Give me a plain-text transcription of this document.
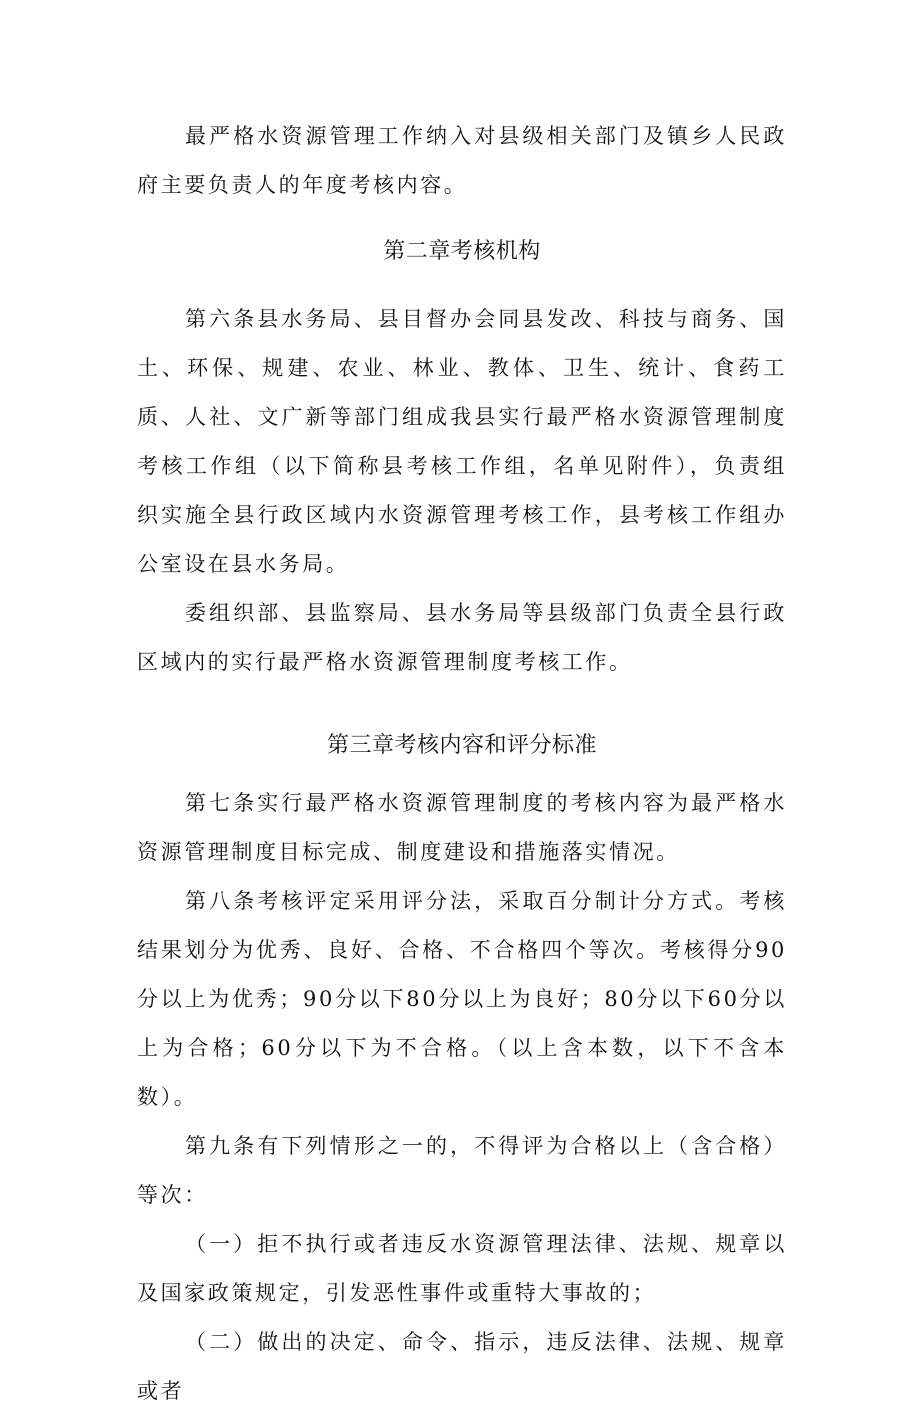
最严格水资源管理工作纳入对县级相关部门及镇乡人民政府主要负责人的年度考核内容。

第二章考核机构

第六条县水务局、县目督办会同县发改、科技与商务、国土、环保、规建、农业、林业、教体、卫生、统计、食药工质、人社、文广新等部门组成我县实行最严格水资源管理制度考核工作组（以下简称县考核工作组，名单见附件），负责组织实施全县行政区域内水资源管理考核工作，县考核工作组办公室设在县水务局。

委组织部、县监察局、县水务局等县级部门负责全县行政区域内的实行最严格水资源管理制度考核工作。

第三章考核内容和评分标准

第七条实行最严格水资源管理制度的考核内容为最严格水资源管理制度目标完成、制度建设和措施落实情况。

第八条考核评定采用评分法，采取百分制计分方式。考核结果划分为优秀、良好、合格、不合格四个等次。考核得分90分以上为优秀；90分以下80分以上为良好；80分以下60分以上为合格；60分以下为不合格。（以上含本数，以下不含本数）。

第九条有下列情形之一的，不得评为合格以上（含合格）等次：

（一）拒不执行或者违反水资源管理法律、法规、规章以及国家政策规定，引发恶性事件或重特大事故的；

（二）做出的决定、命令、指示，违反法律、法规、规章或者
